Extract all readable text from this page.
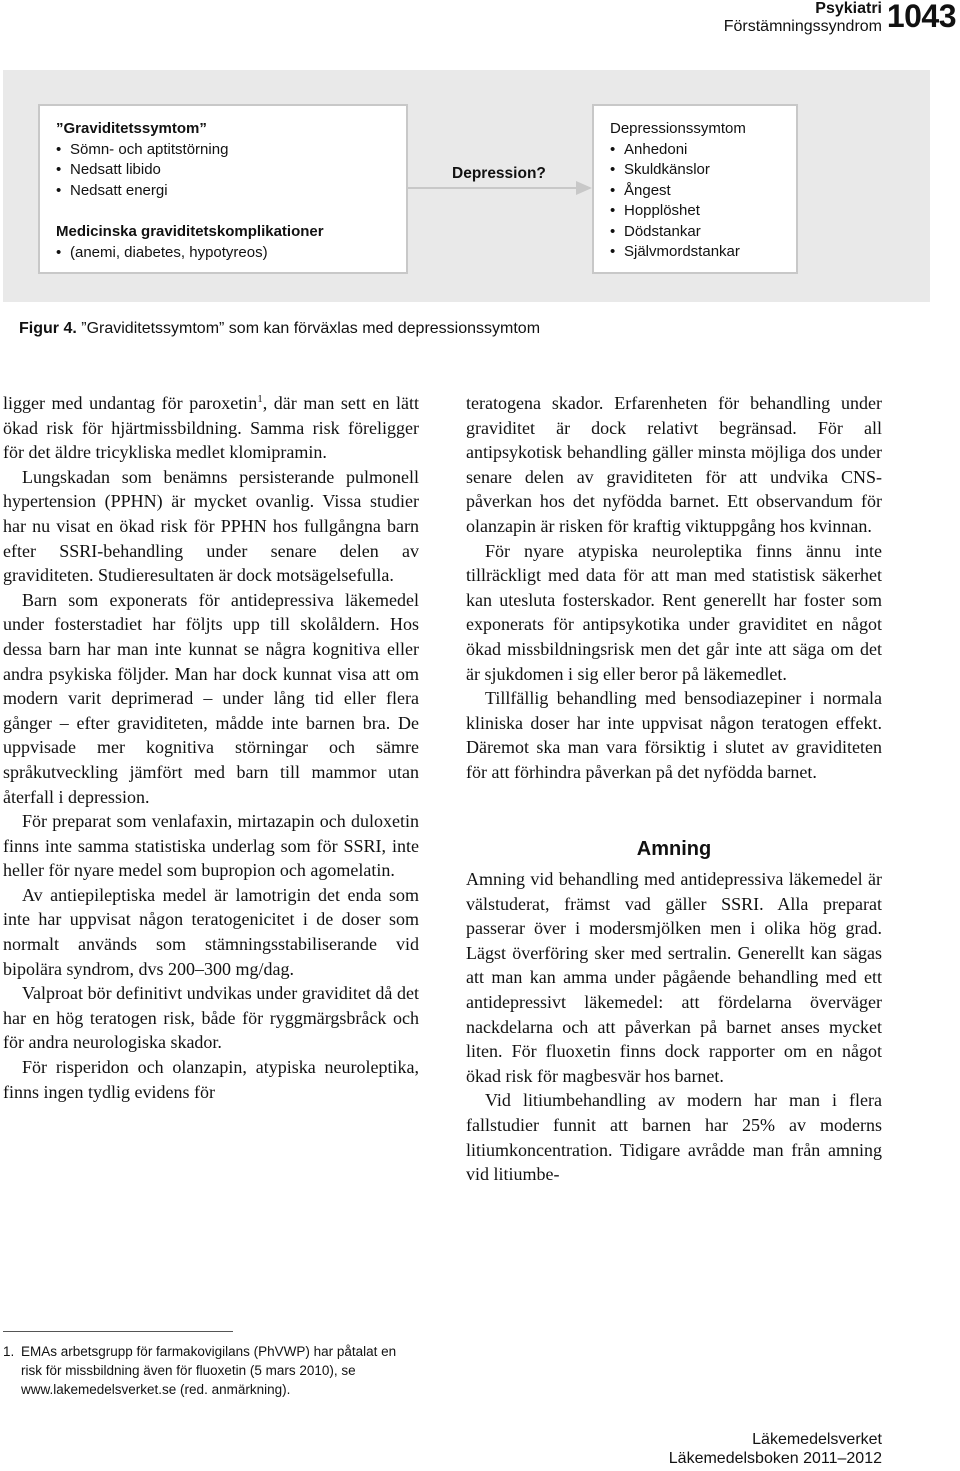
Psykiatri
Förstämningssyndrom 1043
”Graviditetssymtom”
• Sömn- och aptitstörning
• Nedsatt libido
• Nedsatt energi
Medicinska graviditetskomplikationer
• (anemi, diabetes, hypotyreos)
Depression?
Depressionssymtom
• Anhedoni
• Skuldkänslor
• Ångest
• Hopplöshet
• Dödstankar
• Självmordstankar
Figur 4. ”Graviditetssymtom” som kan förväxlas med depressionssymtom

ligger med undantag för paroxetin$^1$, där man sett en lätt ökad risk för hjärtmissbildning. Samma risk föreligger för det äldre tricykliska medlet klomipramin.

Lungskadan som benämns persisterande pulmonell hypertension (PPHN) är mycket ovanlig. Vissa studier har nu visat en ökad risk för PPHN hos fullgångna barn efter SSRI-behandling under senare delen av graviditeten. Studieresultaten är dock motsägelsefulla.

Barn som exponerats för antidepressiva läkemedel under fosterstadiet har följts upp till skolåldern. Hos dessa barn har man inte kunnat se några kognitiva eller andra psykiska följder. Man har dock kunnat visa att om modern varit deprimerad – under lång tid eller flera gånger – efter graviditeten, mådde inte barnen bra. De uppvisade mer kognitiva störningar och sämre språkutveckling jämfört med barn till mammor utan återfall i depression.

För preparat som venlafaxin, mirtazapin och duloxetin finns inte samma statistiska underlag som för SSRI, inte heller för nyare medel som bupropion och agomelatin.

Av antiepileptiska medel är lamotrigin det enda som inte har uppvisat någon teratogenicitet i de doser som normalt används som stämningsstabiliserande vid bipolära syndrom, dvs 200–300 mg/dag.

Valproat bör definitivt undvikas under graviditet då det har en hög teratogen risk, både för ryggmärgsbråck och för andra neurologiska skador.

För risperidon och olanzapin, atypiska neuroleptika, finns ingen tydlig evidens för

teratogena skador. Erfarenheten för behandling under graviditet är dock relativt begränsad. För all antipsykotisk behandling gäller minsta möjliga dos under senare delen av graviditeten för att undvika CNS-påverkan hos det nyfödda barnet. Ett observandum för olanzapin är risken för kraftig viktuppgång hos kvinnan.

För nyare atypiska neuroleptika finns ännu inte tillräckligt med data för att man med statistisk säkerhet kan utesluta fosterskador. Rent generellt har foster som exponerats för antipsykotika under graviditet en något ökad missbildningsrisk men det går inte att säga om det är sjukdomen i sig eller beror på läkemedlet.

Tillfällig behandling med bensodiazepiner i normala kliniska doser har inte uppvisat någon teratogen effekt. Däremot ska man vara försiktig i slutet av graviditeten för att förhindra påverkan på det nyfödda barnet.

Amning

Amning vid behandling med antidepressiva läkemedel är välstuderat, främst vad gäller SSRI. Alla preparat passerar över i modersmjölken men i olika hög grad. Lägst överföring sker med sertralin. Generellt kan sägas att man kan amma under pågående behandling med ett antidepressivt läkemedel: att fördelarna överväger nackdelarna och att påverkan på barnet anses mycket liten. För fluoxetin finns dock rapporter om en något ökad risk för magbesvär hos barnet.

Vid litiumbehandling av modern har man i flera fallstudier funnit att barnen har 25% av moderns litiumkoncentration. Tidigare avrådde man från amning vid litiumbe-

1. EMAs arbetsgrupp för farmakovigilans (PhVWP) har påtalat en risk för missbildning även för fluoxetin (5 mars 2010), se www.lakemedelsverket.se (red. anmärkning).
Läkemedelsverket
Läkemedelsboken 2011–2012
